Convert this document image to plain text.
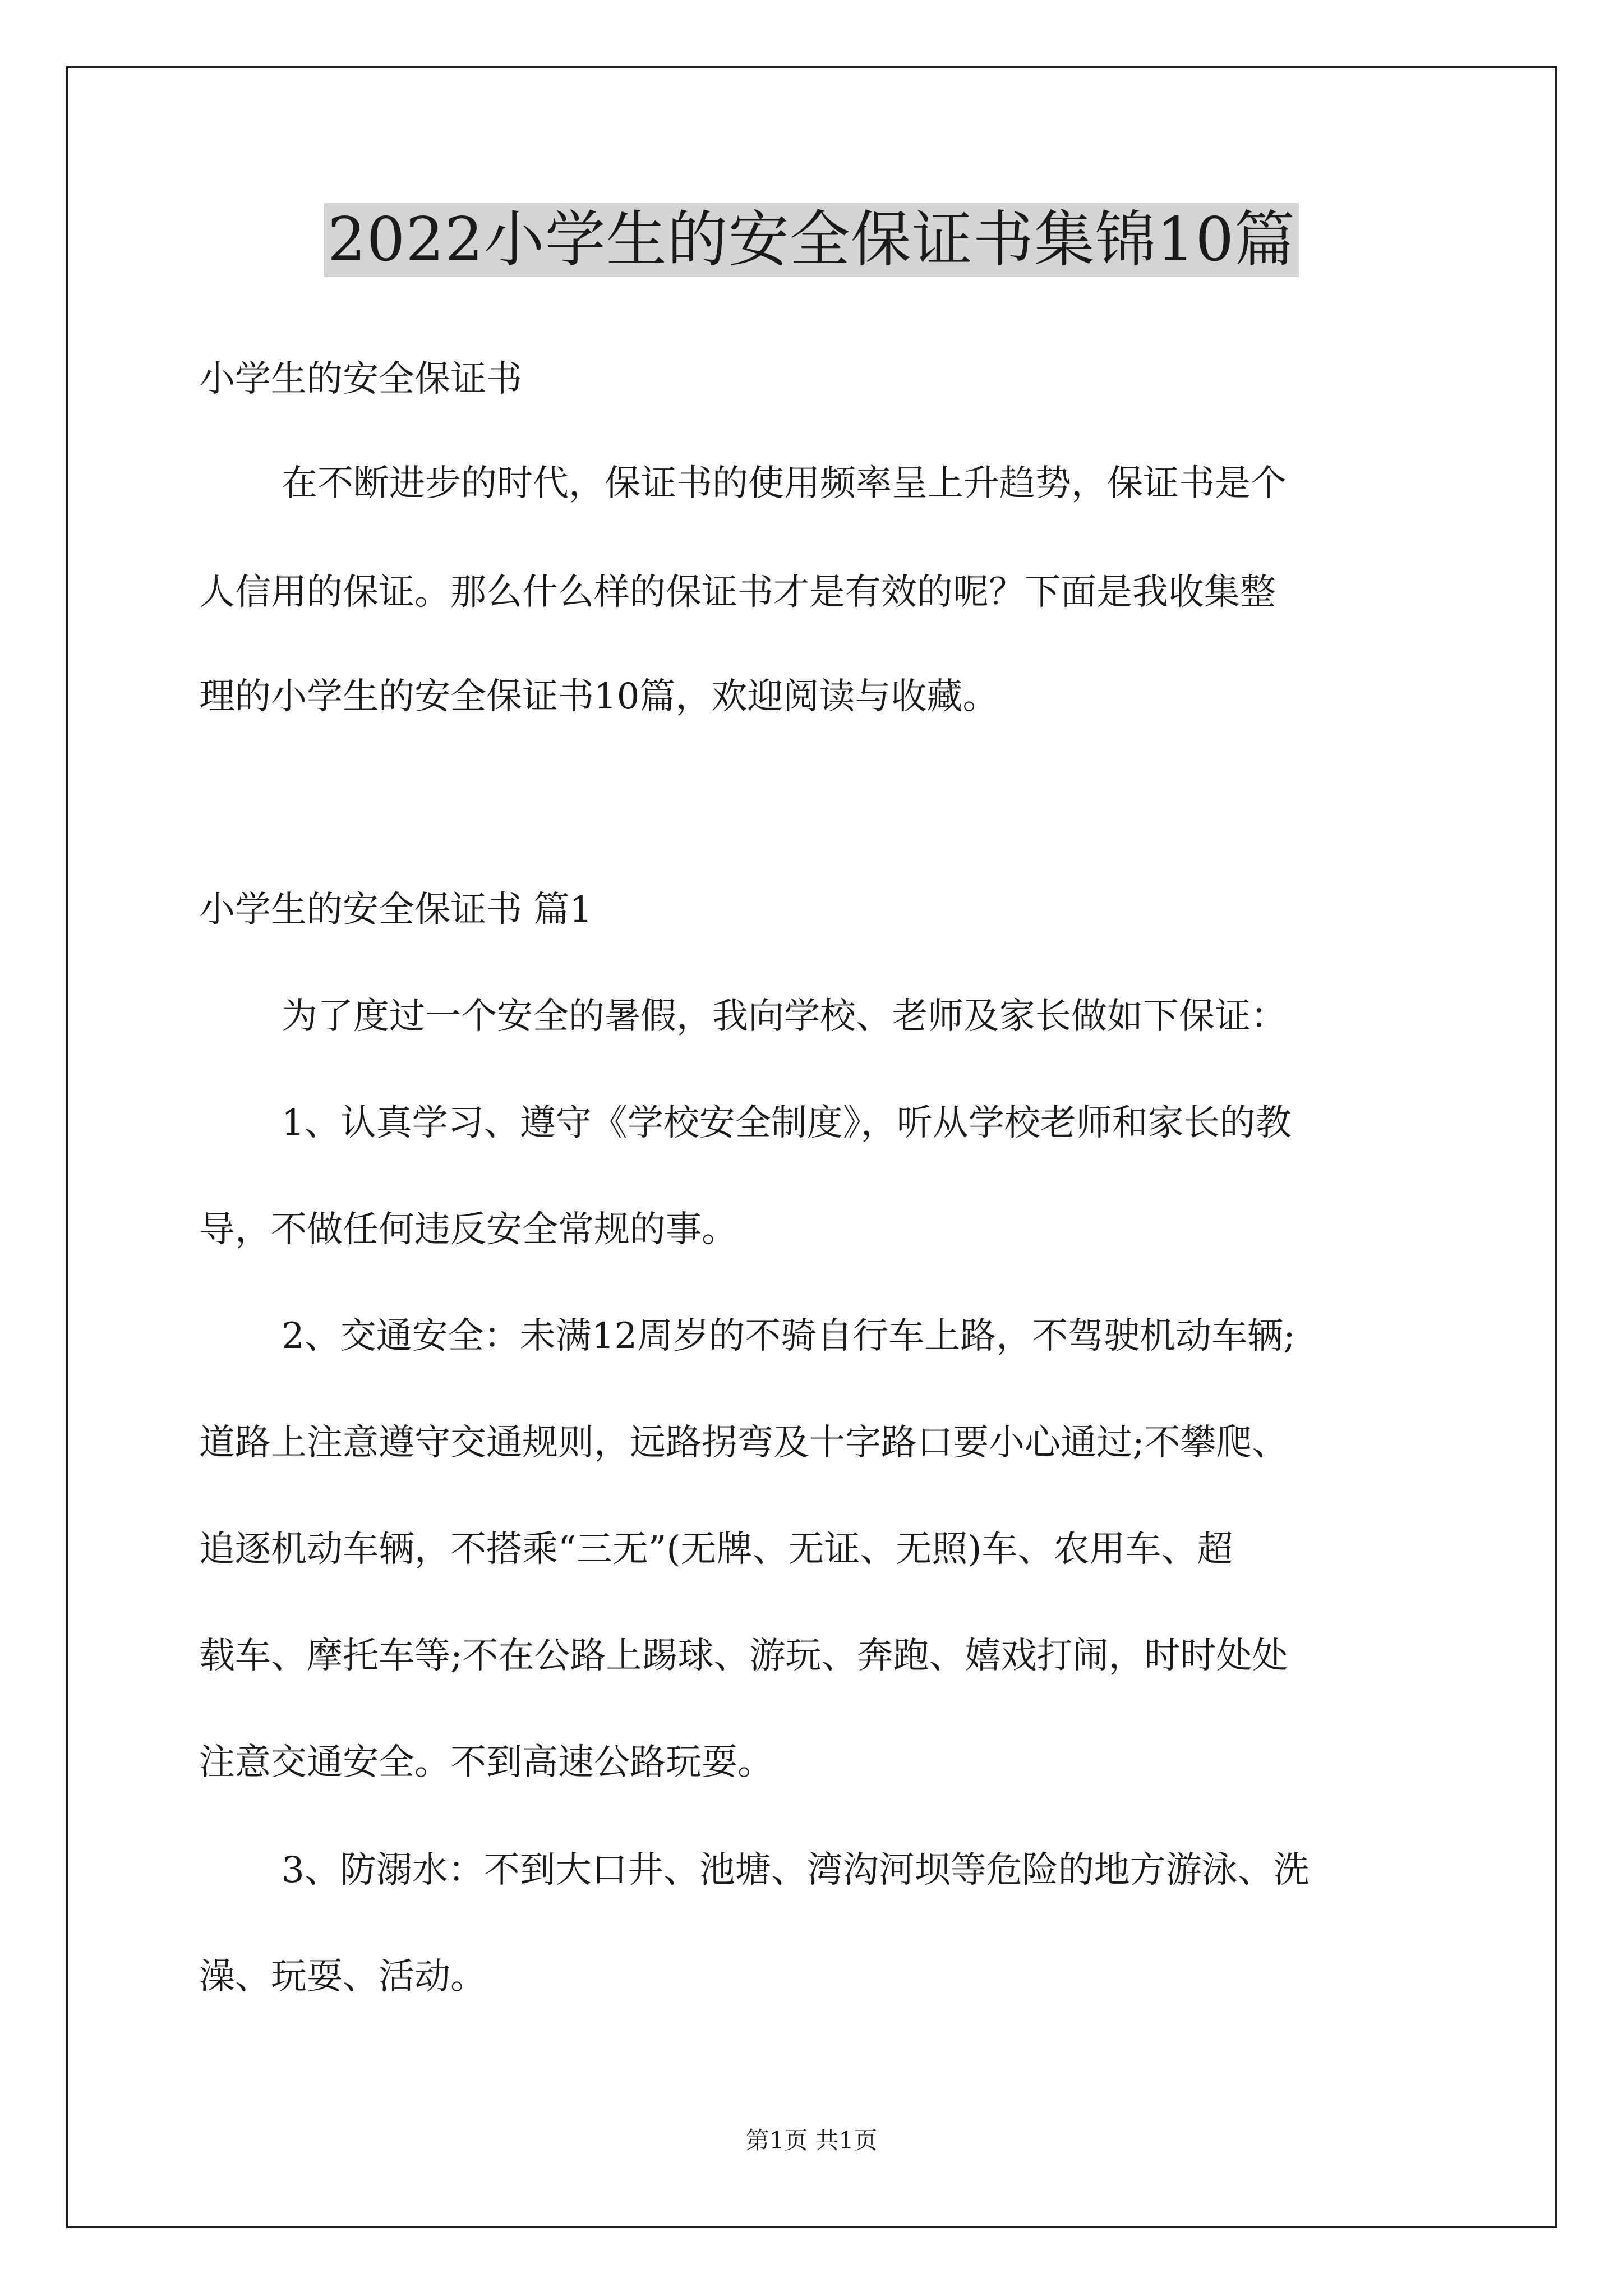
2022小学生的安全保证书集锦10篇
小学生的安全保证书
在不断进步的时代，保证书的使用频率呈上升趋势，保证书是个
人信用的保证。那么什么样的保证书才是有效的呢？下面是我收集整
理的小学生的安全保证书10篇，欢迎阅读与收藏。
小学生的安全保证书 篇1
为了度过一个安全的暑假，我向学校、老师及家长做如下保证：
1、认真学习、遵守《学校安全制度》，听从学校老师和家长的教
导，不做任何违反安全常规的事。
2、交通安全：未满12周岁的不骑自行车上路，不驾驶机动车辆;
道路上注意遵守交通规则，远路拐弯及十字路口要小心通过;不攀爬、
追逐机动车辆，不搭乘“三无”(无牌、无证、无照)车、农用车、超
载车、摩托车等;不在公路上踢球、游玩、奔跑、嬉戏打闹，时时处处
注意交通安全。不到高速公路玩耍。
3、防溺水：不到大口井、池塘、湾沟河坝等危险的地方游泳、洗
澡、玩耍、活动。
第1页 共1页
